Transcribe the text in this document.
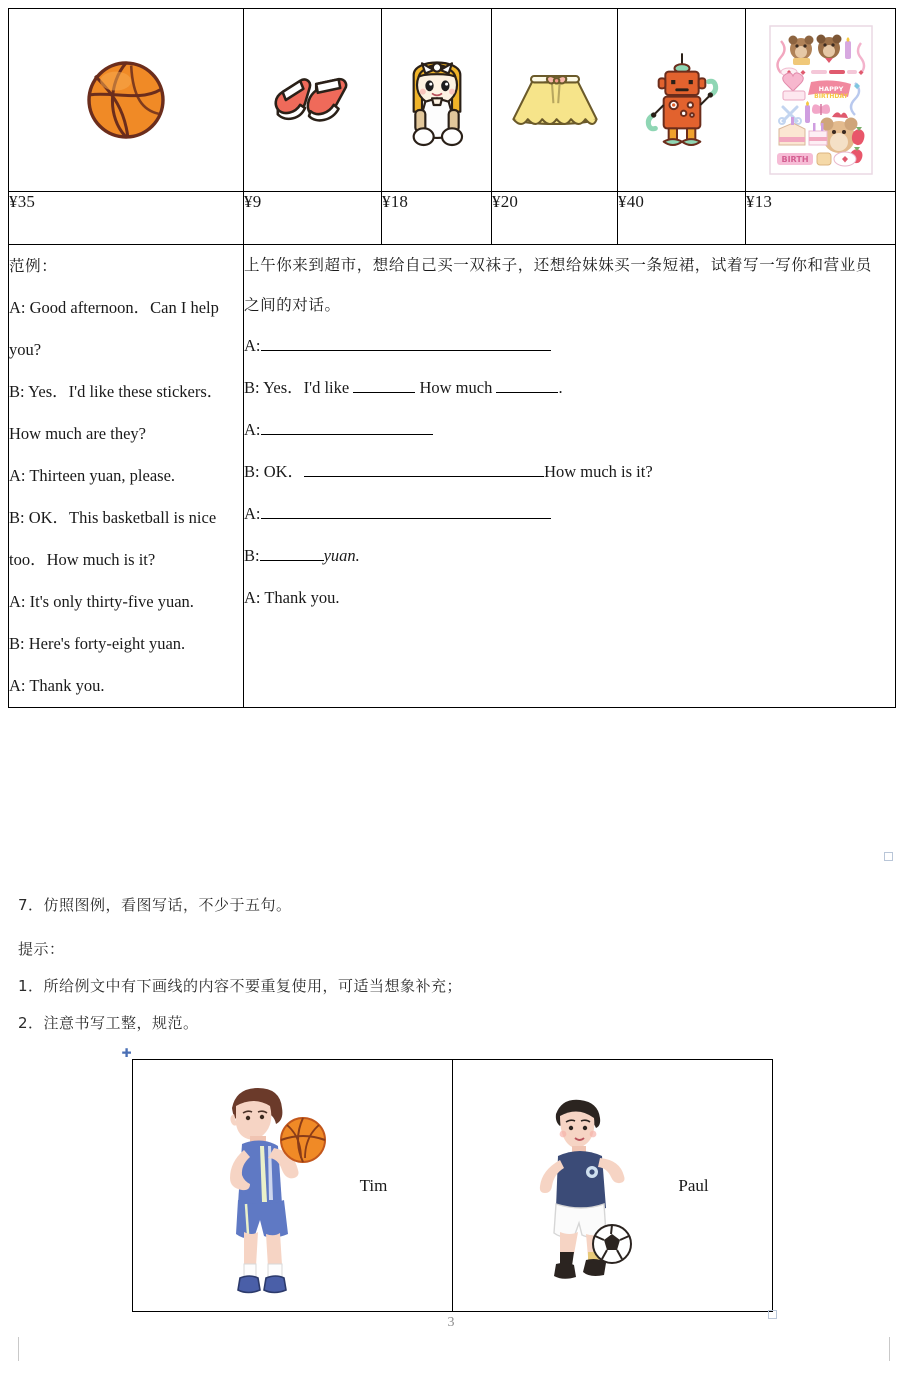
HAPPY
BIRTHDAY
BIRTH

¥35	¥9	¥18	¥20	¥40	¥13

范例：
A: Good afternoon．Can I help you?
B: Yes．I'd like these stickers．How much are they?
A: Thirteen yuan, please.
B: OK．This basketball is nice too．How much is it?
A: It's only thirty-five yuan.
B: Here's forty-eight yuan.
A: Thank you.

上午你来到超市，想给自己买一双袜子，还想给妹妹买一条短裙，试着写一写你和营业员之间的对话。
A:
B: Yes．I'd like	How much	.
A:
B: OK．	How much is it?
A:
B:	yuan.
A: Thank you.
7．仿照图例，看图写话，不少于五句。
提示：
1．所给例文中有下画线的内容不要重复使用，可适当想象补充；
2．注意书写工整，规范。
✚
Tim	Paul
3
